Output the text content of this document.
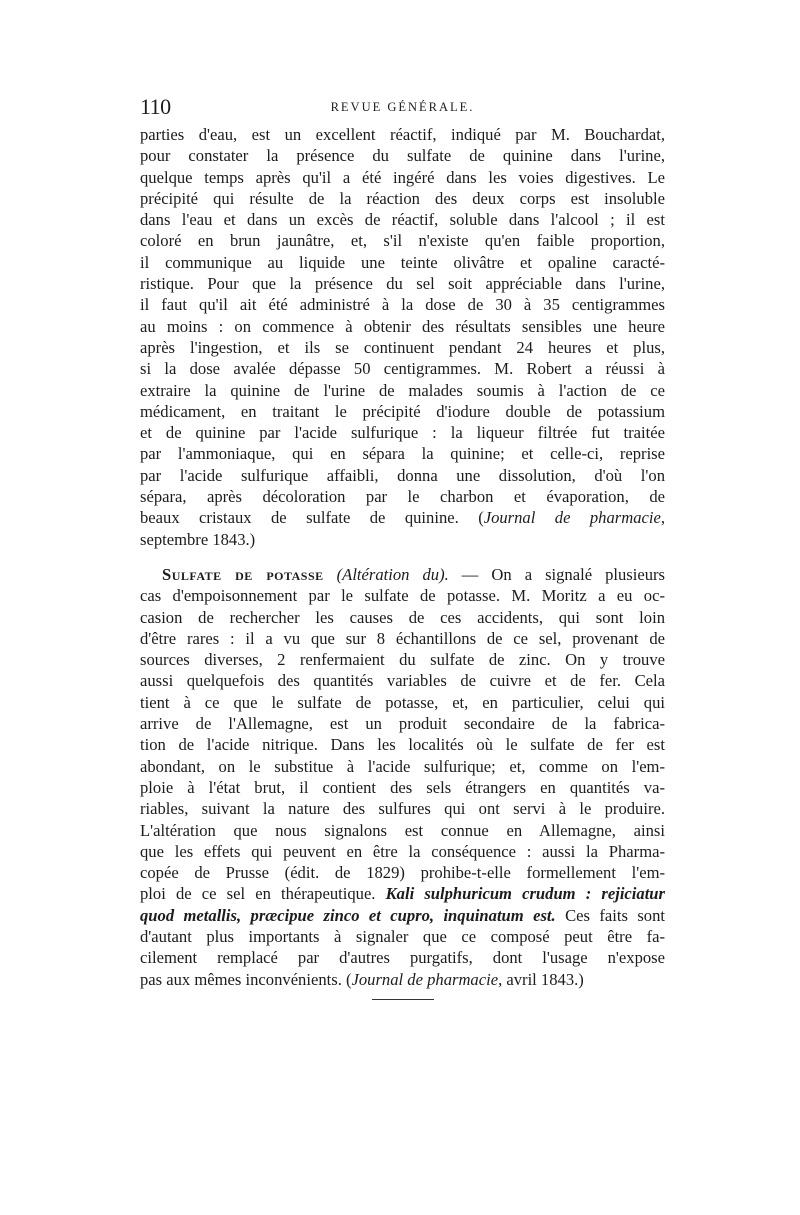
110	REVUE GÉNÉRALE.
parties d'eau, est un excellent réactif, indiqué par M. Bouchardat,
pour constater la présence du sulfate de quinine dans l'urine,
quelque temps après qu'il a été ingéré dans les voies digestives. Le
précipité qui résulte de la réaction des deux corps est insoluble
dans l'eau et dans un excès de réactif, soluble dans l'alcool ; il est
coloré en brun jaunâtre, et, s'il n'existe qu'en faible proportion,
il communique au liquide une teinte olivâtre et opaline caracté-
ristique. Pour que la présence du sel soit appréciable dans l'urine,
il faut qu'il ait été administré à la dose de 30 à 35 centigrammes
au moins : on commence à obtenir des résultats sensibles une heure
après l'ingestion, et ils se continuent pendant 24 heures et plus,
si la dose avalée dépasse 50 centigrammes. M. Robert a réussi à
extraire la quinine de l'urine de malades soumis à l'action de ce
médicament, en traitant le précipité d'iodure double de potassium
et de quinine par l'acide sulfurique : la liqueur filtrée fut traitée
par l'ammoniaque, qui en sépara la quinine; et celle-ci, reprise
par l'acide sulfurique affaibli, donna une dissolution, d'où l'on
sépara, après décoloration par le charbon et évaporation, de
beaux cristaux de sulfate de quinine. (Journal de pharmacie,
septembre 1843.)
Sulfate de potasse (Altération du). — On a signalé plusieurs
cas d'empoisonnement par le sulfate de potasse. M. Moritz a eu oc-
casion de rechercher les causes de ces accidents, qui sont loin
d'être rares : il a vu que sur 8 échantillons de ce sel, provenant de
sources diverses, 2 renfermaient du sulfate de zinc. On y trouve
aussi quelquefois des quantités variables de cuivre et de fer. Cela
tient à ce que le sulfate de potasse, et, en particulier, celui qui
arrive de l'Allemagne, est un produit secondaire de la fabrica-
tion de l'acide nitrique. Dans les localités où le sulfate de fer est
abondant, on le substitue à l'acide sulfurique; et, comme on l'em-
ploie à l'état brut, il contient des sels étrangers en quantités va-
riables, suivant la nature des sulfures qui ont servi à le produire.
L'altération que nous signalons est connue en Allemagne, ainsi
que les effets qui peuvent en être la conséquence : aussi la Pharma-
copée de Prusse (édit. de 1829) prohibe-t-elle formellement l'em-
ploi de ce sel en thérapeutique. Kali sulphuricum crudum : rejiciatur
quod metallis, præcipue zinco et cupro, inquinatum est. Ces faits sont
d'autant plus importants à signaler que ce composé peut être fa-
cilement remplacé par d'autres purgatifs, dont l'usage n'expose
pas aux mêmes inconvénients. (Journal de pharmacie, avril 1843.)
